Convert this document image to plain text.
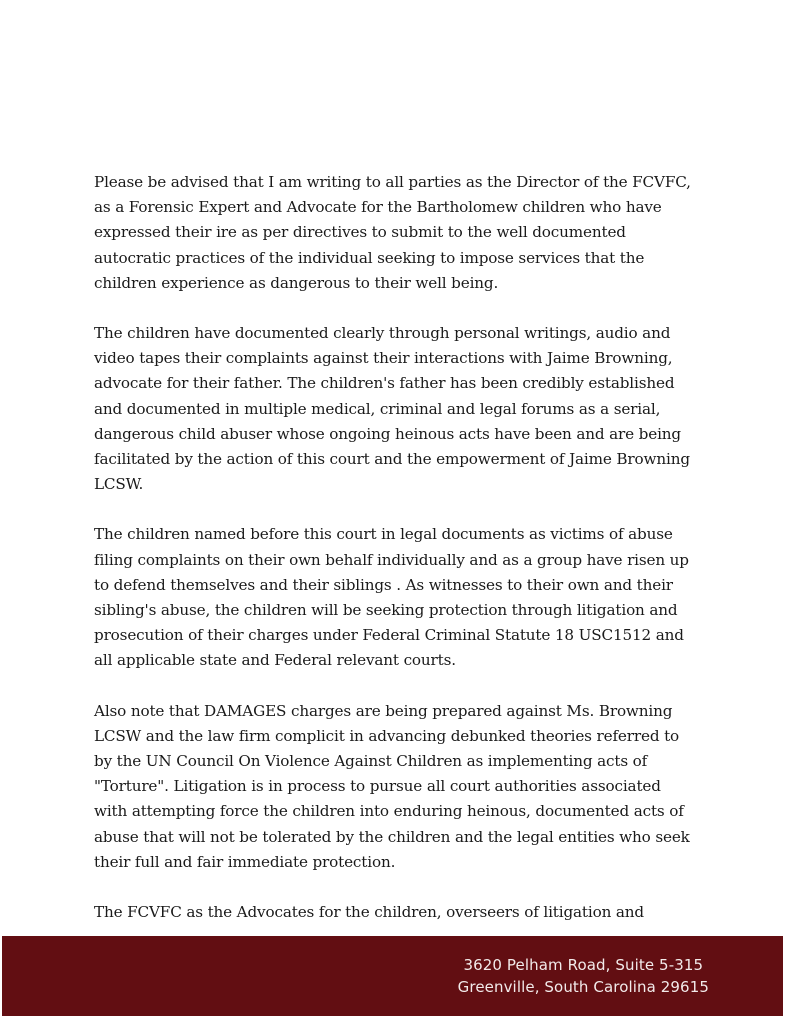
Please be advised that I am writing to all parties as the Director of the FCVFC,
as a Forensic Expert and Advocate for the Bartholomew children who have
expressed their ire as per directives to submit to the well documented
autocratic practices of the individual seeking to impose services that the
children experience as dangerous to their well being.

The children have documented clearly through personal writings, audio and
video tapes their complaints against their interactions with Jaime Browning,
advocate for their father. The children's father has been credibly established
and documented in multiple medical, criminal and legal forums as a serial,
dangerous child abuser whose ongoing heinous acts have been and are being
facilitated by the action of this court and the empowerment of Jaime Browning
LCSW.

The children named before this court in legal documents as victims of abuse
filing complaints on their own behalf individually and as a group have risen up
to defend themselves and their siblings . As witnesses to their own and their
sibling's abuse, the children will be seeking protection through litigation and
prosecution of their charges under Federal Criminal Statute 18 USC1512 and
all applicable state and Federal relevant courts.

Also note that DAMAGES charges are being prepared against Ms. Browning
LCSW and the law firm complicit in advancing debunked theories referred to
by the UN Council On Violence Against Children as implementing acts of
"Torture". Litigation is in process to pursue all court authorities associated
with attempting force the children into enduring heinous, documented acts of
abuse that will not be tolerated by the children and the legal entities who seek
their full and fair immediate protection.

The FCVFC as the Advocates for the children, overseers of litigation and

3620 Pelham Road, Suite 5-315
Greenville, South Carolina 29615
